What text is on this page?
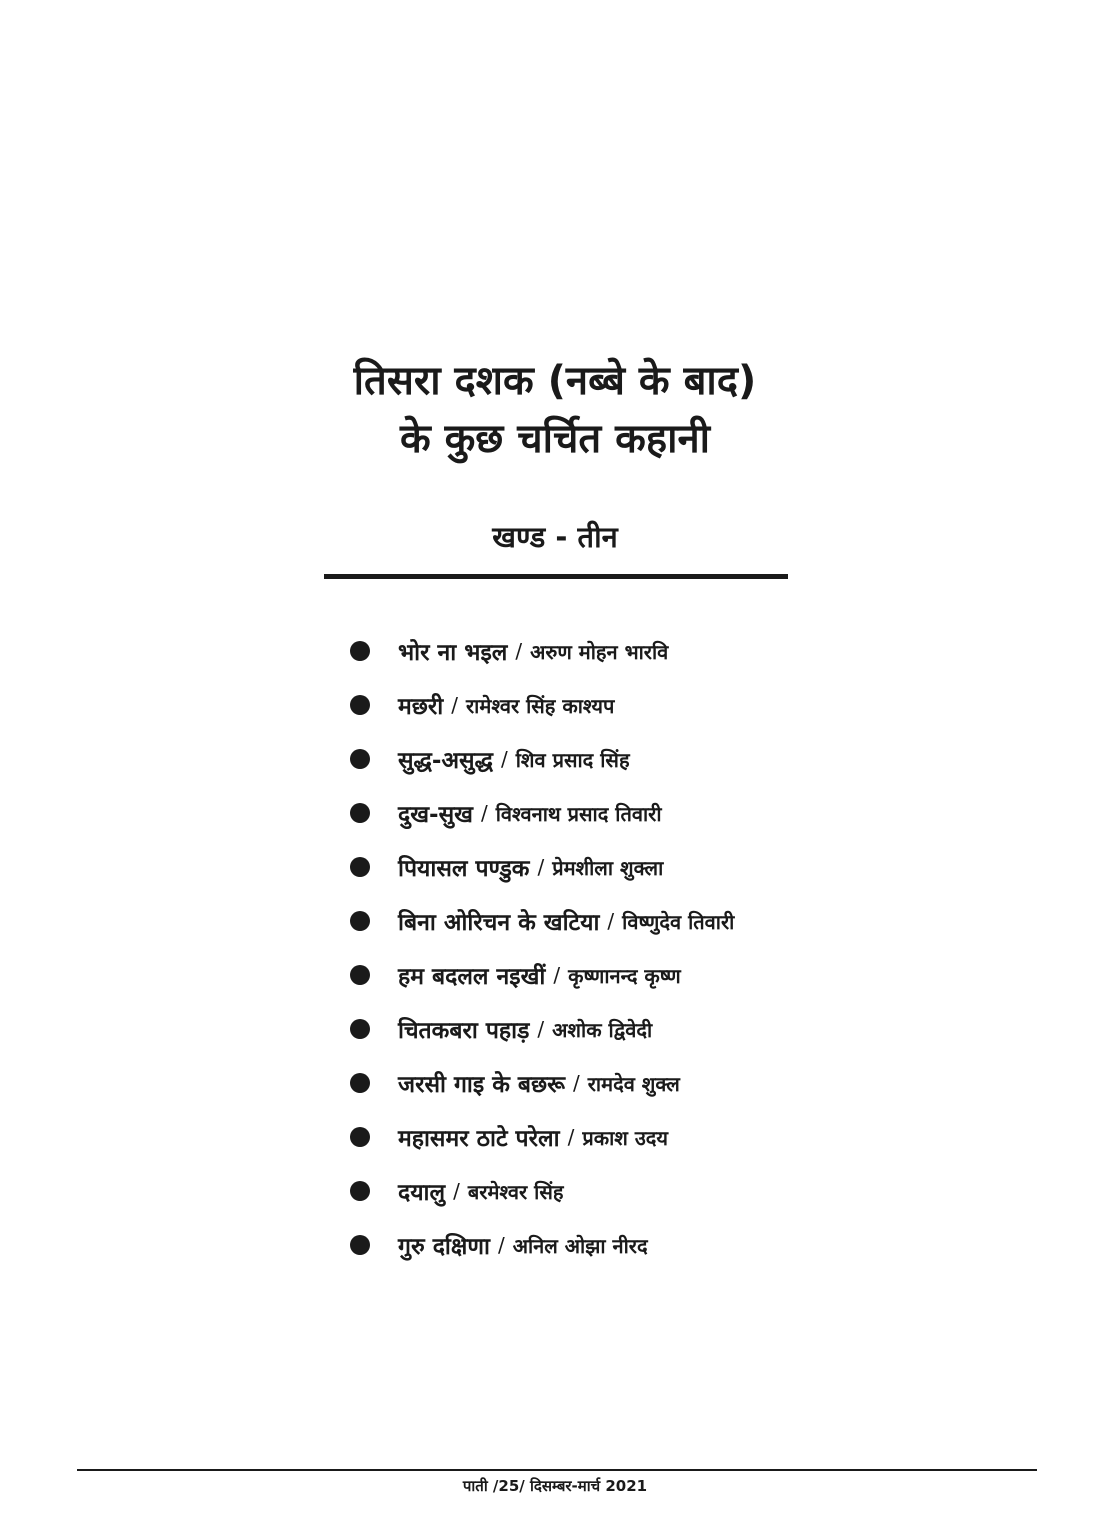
तिसरा दशक (नब्बे के बाद)
के कुछ चर्चित कहानी
खण्ड - तीन
भोर ना भइल / अरुण मोहन भारवि
मछरी / रामेश्वर सिंह काश्यप
सुद्ध-असुद्ध / शिव प्रसाद सिंह
दुख-सुख / विश्वनाथ प्रसाद तिवारी
पियासल पण्डुक / प्रेमशीला शुक्ला
बिना ओरिचन के खटिया / विष्णुदेव तिवारी
हम बदलल नइखीं / कृष्णानन्द कृष्ण
चितकबरा पहाड़ / अशोक द्विवेदी
जरसी गाइ के बछरू / रामदेव शुक्ल
महासमर ठाटे परेला / प्रकाश उदय
दयालु / बरमेश्वर सिंह
गुरु दक्षिणा / अनिल ओझा नीरद
पाती /25/ दिसम्बर-मार्च 2021
